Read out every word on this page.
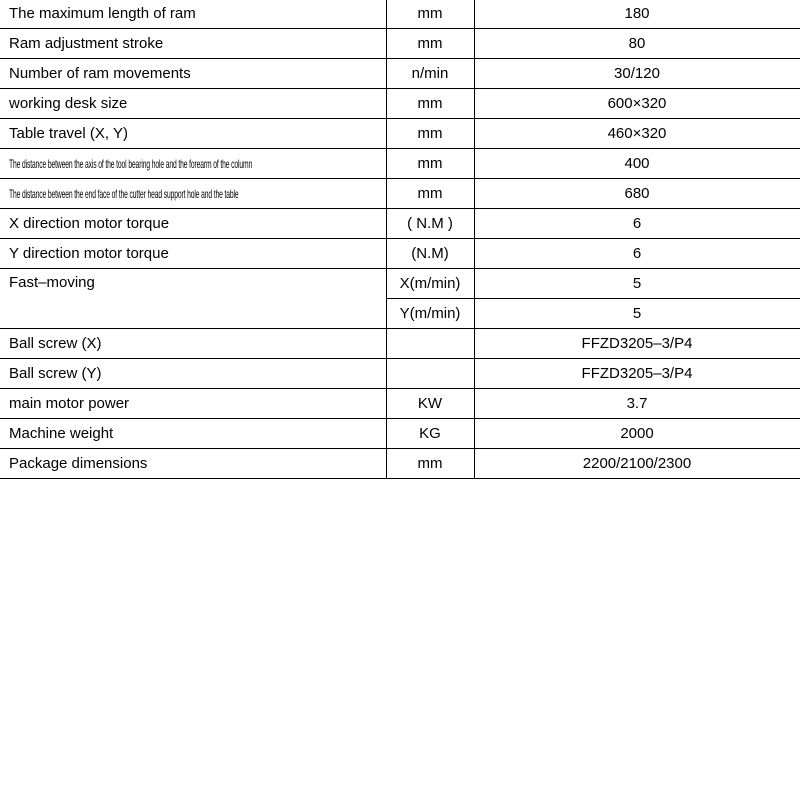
The maximum length of ram	mm	180
Ram adjustment stroke	mm	80
Number of ram movements	n/min	30/120
working desk size	mm	600×320
Table travel (X, Y)	mm	460×320
The distance between the axis of the tool bearing hole and the forearm of the column	mm	400
The distance between the end face of the cutter head support hole and the table	mm	680
X direction motor torque	( N.M )	6
Y direction motor torque	(N.M)	6
Fast–moving	X(m/min)	5
	Y(m/min)	5
Ball screw (X)		FFZD3205–3/P4
Ball screw (Y)		FFZD3205–3/P4
main motor power	KW	3.7
Machine weight	KG	2000
Package dimensions	mm	2200/2100/2300
